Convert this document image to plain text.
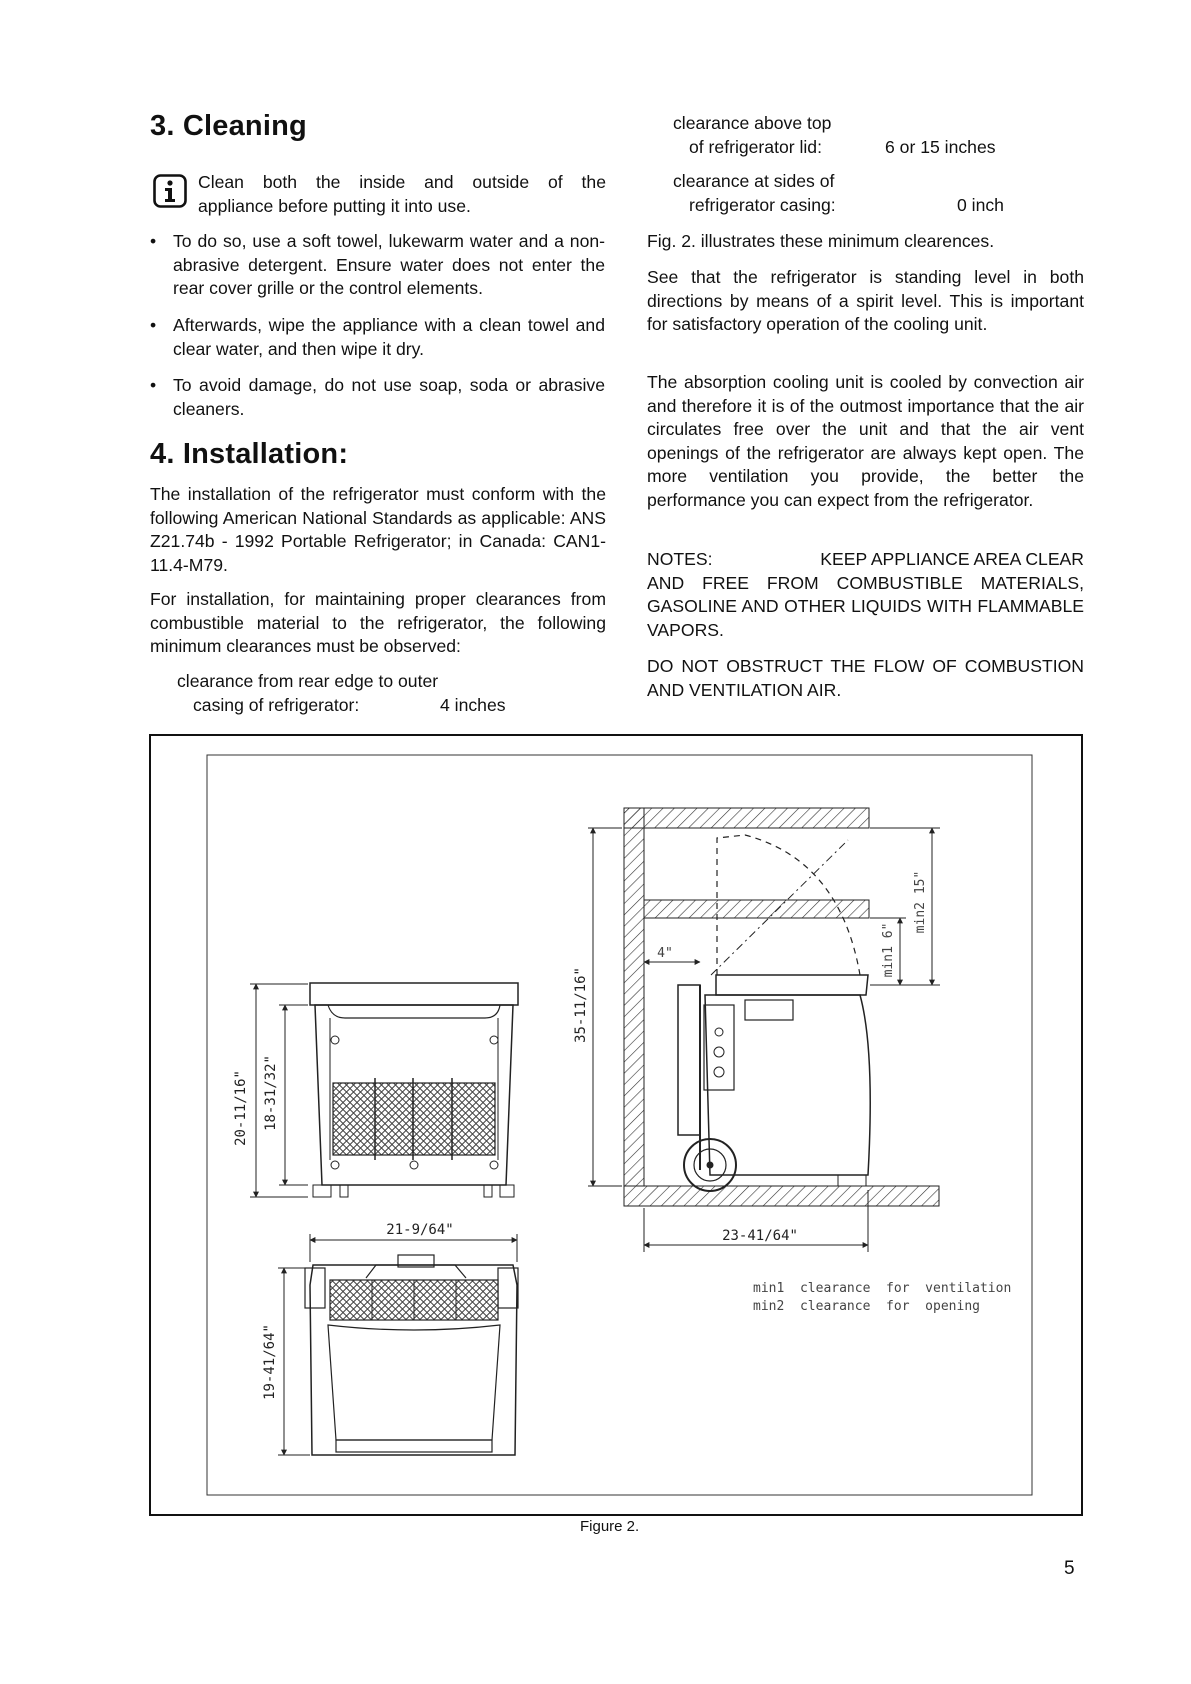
3. Cleaning

Clean both the inside and outside of the

appliance before putting it into use.

• To do so, use a soft towel, lukewarm water and a non-abrasive detergent. Ensure water does not enter the rear cover grille or the control elements.
• Afterwards, wipe the appliance with a clean towel and clear water, and then wipe it dry.
• To avoid damage, do not use soap, soda or abrasive cleaners.
4. Installation:

The installation of the refrigerator must conform with the following American National Standards as applicable: ANS Z21.74b - 1992 Portable Refrigerator; in Canada: CAN1-11.4-M79.

For installation, for maintaining proper clearances from combustible material to the refrigerator, the following minimum clearances must be observed:

clearance from rear edge to outer

casing of refrigerator:	4 inches

clearance above top

of refrigerator lid:	6 or 15 inches

clearance at sides of

refrigerator casing:	0 inch

Fig. 2. illustrates these minimum clearences.

See that the refrigerator is standing level in both directions by means of a spirit level. This is important for satisfactory operation of the cooling unit.

The absorption cooling unit is cooled by convection air and therefore it is of the outmost importance that the air circulates free over the unit and that the air vent openings of the refrigerator are always kept open. The more ventilation you provide, the better the performance you can expect from the refrigerator.

NOTES:	KEEP APPLIANCE AREA CLEAR

AND FREE FROM COMBUSTIBLE MATERIALS, GASOLINE AND OTHER LIQUIDS WITH FLAMMABLE VAPORS.

DO NOT OBSTRUCT THE FLOW OF COMBUSTION AND VENTILATION AIR.

20-11/16" 18-31/32"
35-11/16"
4"
min2 15"
min1 6"
23-41/64"
21-9/64"
19-41/64"
min1  clearance  for  ventilation
min2  clearance  for  opening
Figure 2.
5
